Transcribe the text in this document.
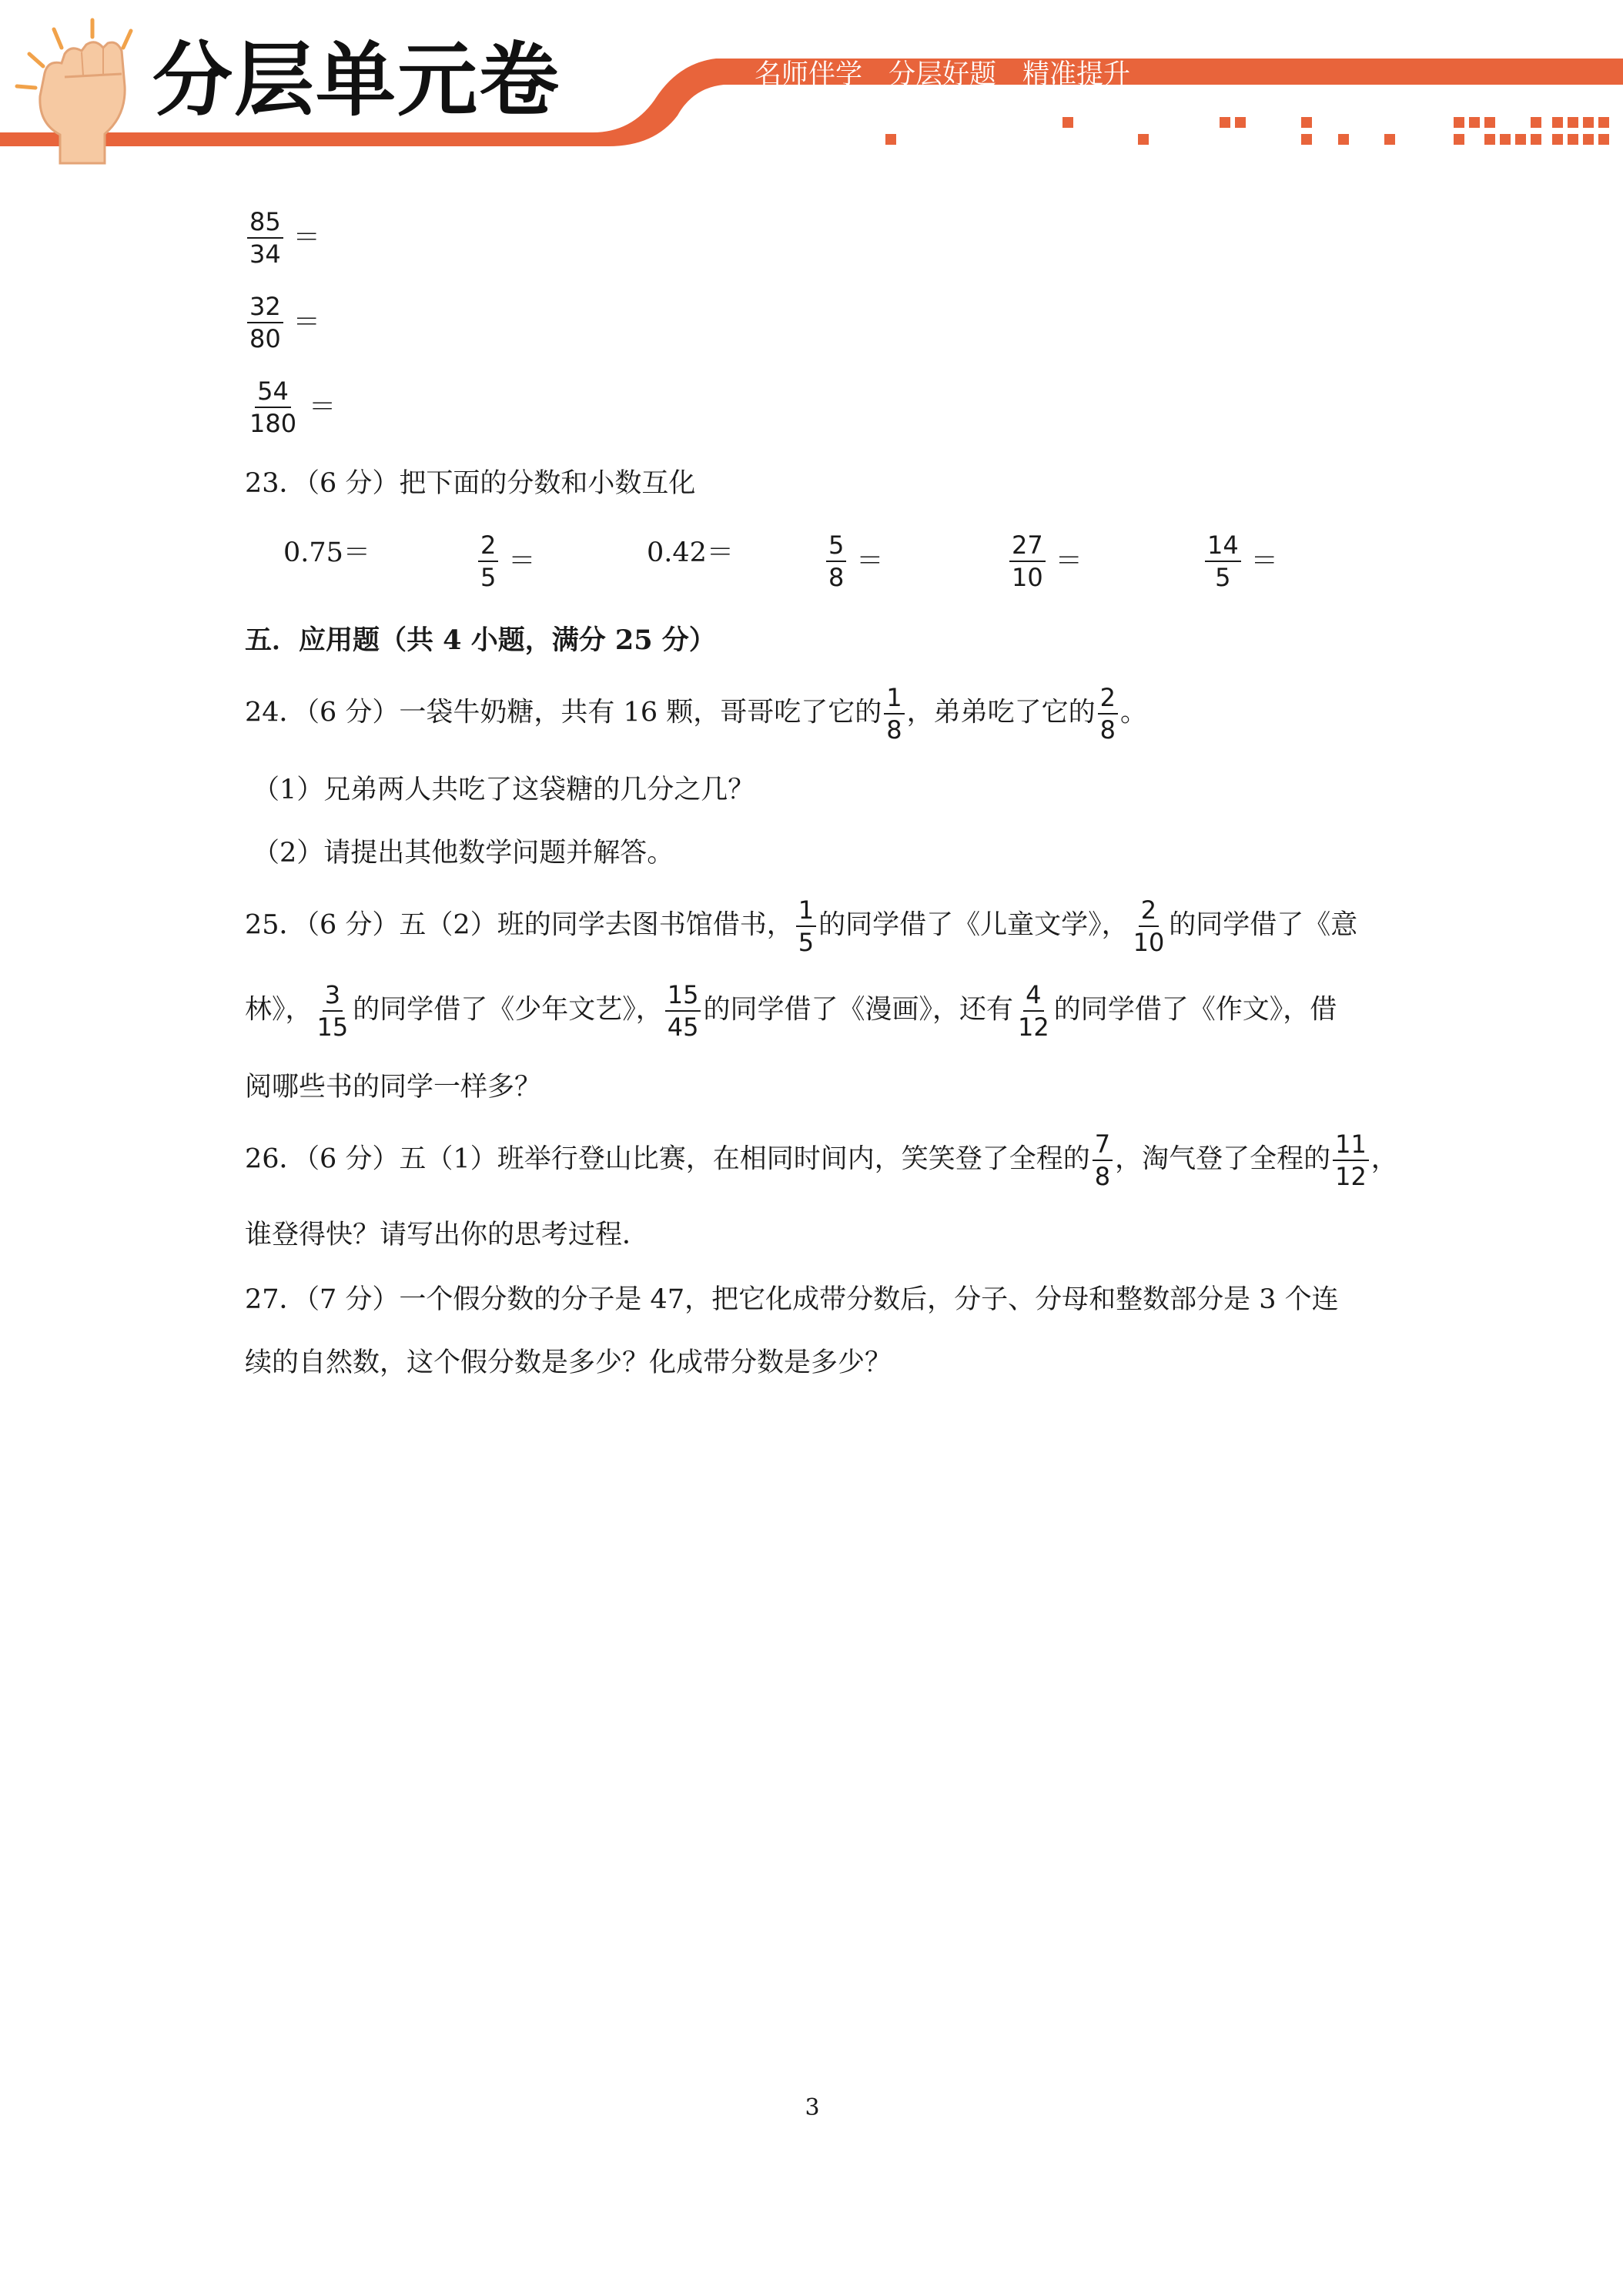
分层单元卷	名师伴学 分层好题 精准提升
$\frac{85}{34}$ ＝
$\frac{32}{80}$ ＝
$\frac{54}{180}$ ＝
23．（6 分）把下面的分数和小数互化
0.75＝	$\frac{2}{5}$ ＝	0.42＝	$\frac{5}{8}$ ＝	$\frac{27}{10}$ ＝	$\frac{14}{5}$ ＝
五．应用题（共 4 小题，满分 25 分）
24．（6 分）一袋牛奶糖，共有 16 颗，哥哥吃了它的 $\frac{1}{8}$ ，弟弟吃了它的 $\frac{2}{8}$ 。
（1）兄弟两人共吃了这袋糖的几分之几？
（2）请提出其他数学问题并解答。
25．（6 分）五（2）班的同学去图书馆借书， $\frac{1}{5}$ 的同学借了《儿童文学》， $\frac{2}{10}$ 的同学借了《意
林》， $\frac{3}{15}$ 的同学借了《少年文艺》， $\frac{15}{45}$ 的同学借了《漫画》，还有 $\frac{4}{12}$ 的同学借了《作文》，借
阅哪些书的同学一样多？
26．（6 分）五（1）班举行登山比赛，在相同时间内，笑笑登了全程的 $\frac{7}{8}$ ，淘气登了全程的 $\frac{11}{12}$ ，
谁登得快？请写出你的思考过程．
27．（7 分）一个假分数的分子是 47，把它化成带分数后，分子、分母和整数部分是 3 个连
续的自然数，这个假分数是多少？化成带分数是多少？
3
